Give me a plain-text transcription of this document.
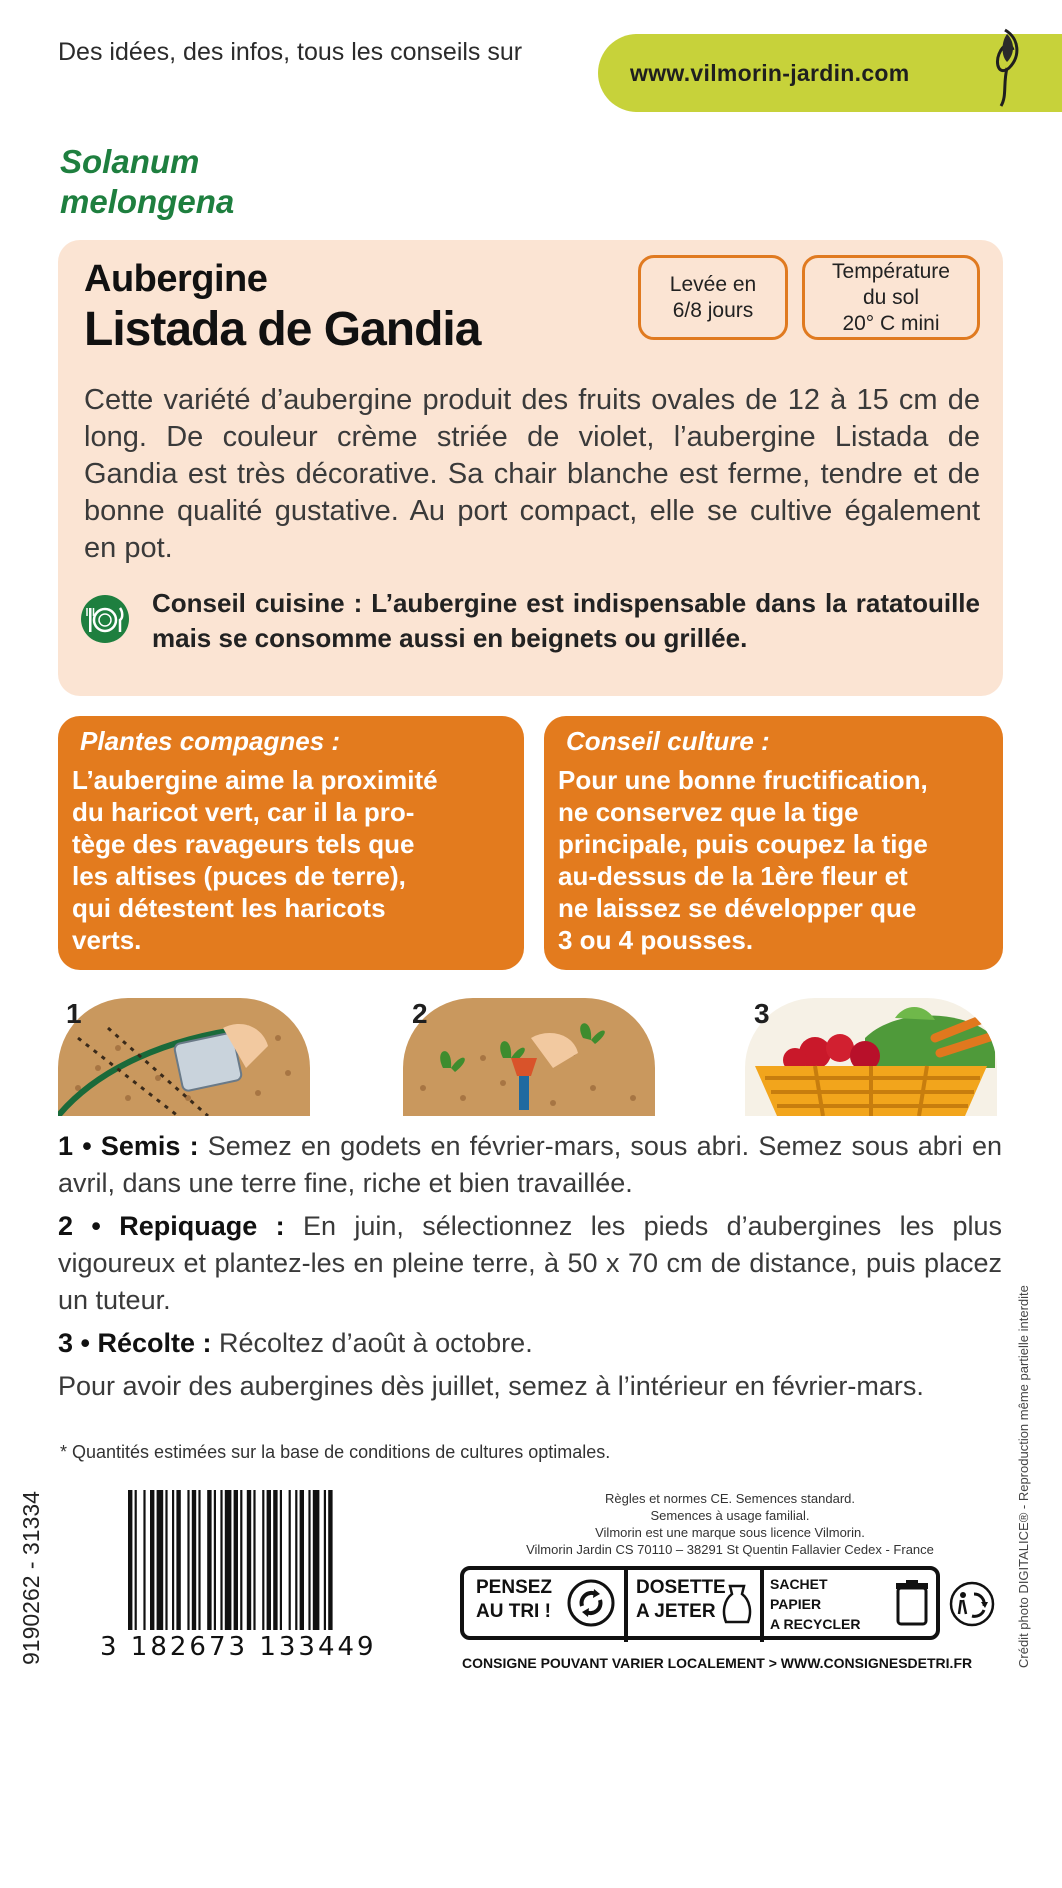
Des idées, des infos, tous les conseils sur
www.vilmorin-jardin.com
Solanum
melongena
Aubergine
Listada de Gandia
Levée en
6/8 jours
Température
du sol
20° C mini
Cette variété d’aubergine produit des fruits ovales de 12 à 15 cm de long. De couleur crème striée de violet, l’aubergine Listada de Gandia est très décorative. Sa chair blanche est ferme, tendre et de bonne qualité gustative. Au port compact, elle se cultive également en pot.
Conseil cuisine : L’aubergine est indispensable dans la ratatouille mais se consomme aussi en beignets ou grillée.
Plantes compagnes :
L’aubergine aime la proximité
du haricot vert, car il la pro-
tège des ravageurs tels que
les altises (puces de terre),
qui détestent les haricots
verts.
Conseil culture :
Pour une bonne fructification,
ne conservez que la tige
principale, puis coupez la tige
au-dessus de la 1ère fleur et
ne laissez se développer que
3 ou 4 pousses.
1	2	3
1 • Semis : Semez en godets en février-mars, sous abri. Semez sous abri en avril, dans une terre fine, riche et bien travaillée.
2 • Repiquage : En juin, sélectionnez les pieds d’aubergines les plus vigoureux et plantez-les en pleine terre, à 50 x 70 cm de distance, puis placez un tuteur.
3 • Récolte : Récoltez d’août à octobre.
Pour avoir des aubergines dès juillet, semez à l’intérieur en février-mars.
* Quantités estimées sur la base de conditions de cultures optimales.
9190262 - 31334	Crédit photo DIGITALICE® - Reproduction même partielle interdite
3 182673 133449
Règles et normes CE. Semences standard.
Semences à usage familial.
Vilmorin est une marque sous licence Vilmorin.
Vilmorin Jardin CS 70110 – 38291 St Quentin Fallavier Cedex - France
PENSEZ
AU TRI !
DOSETTE
A JETER
SACHET
PAPIER
A RECYCLER
CONSIGNE POUVANT VARIER LOCALEMENT > WWW.CONSIGNESDETRI.FR
